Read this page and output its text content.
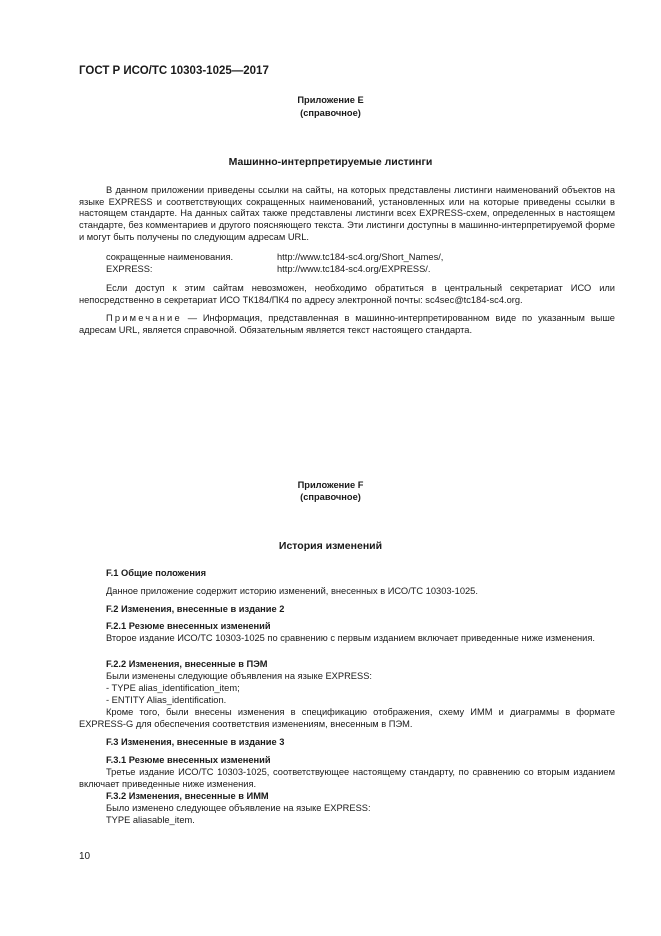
ГОСТ Р ИСО/ТС 10303-1025—2017
Приложение E
(справочное)
Машинно-интерпретируемые листинги
В данном приложении приведены ссылки на сайты, на которых представлены листинги наименований объектов на языке EXPRESS и соответствующих сокращенных наименований, установленных или на которые приведены ссылки в настоящем стандарте. На данных сайтах также представлены листинги всех EXPRESS-схем, определенных в настоящем стандарте, без комментариев и другого поясняющего текста. Эти листинги доступны в машинно-интерпретируемой форме и могут быть получены по следующим адресам URL.
сокращенные наименования.	http://www.tc184-sc4.org/Short_Names/,
EXPRESS:	http://www.tc184-sc4.org/EXPRESS/.
Если доступ к этим сайтам невозможен, необходимо обратиться в центральный секретариат ИСО или непосредственно в секретариат ИСО ТК184/ПК4 по адресу электронной почты: sc4sec@tc184-sc4.org.
Примечание — Информация, представленная в машинно-интерпретированном виде по указанным выше адресам URL, является справочной. Обязательным является текст настоящего стандарта.
Приложение F
(справочное)
История изменений
F.1 Общие положения
Данное приложение содержит историю изменений, внесенных в ИСО/ТС 10303-1025.
F.2 Изменения, внесенные в издание 2
F.2.1 Резюме внесенных изменений
Второе издание ИСО/ТС 10303-1025 по сравнению с первым изданием включает приведенные ниже изменения.
F.2.2 Изменения, внесенные в ПЭМ
Были изменены следующие объявления на языке EXPRESS:
- TYPE alias_identification_item;
- ENTITY Alias_identification.
Кроме того, были внесены изменения в спецификацию отображения, схему ИММ и диаграммы в формате EXPRESS-G для обеспечения соответствия изменениям, внесенным в ПЭМ.
F.3 Изменения, внесенные в издание 3
F.3.1 Резюме внесенных изменений
Третье издание ИСО/ТС 10303-1025, соответствующее настоящему стандарту, по сравнению со вторым изданием включает приведенные ниже изменения.
F.3.2 Изменения, внесенные в ИММ
Было изменено следующее объявление на языке EXPRESS:
TYPE aliasable_item.
10
